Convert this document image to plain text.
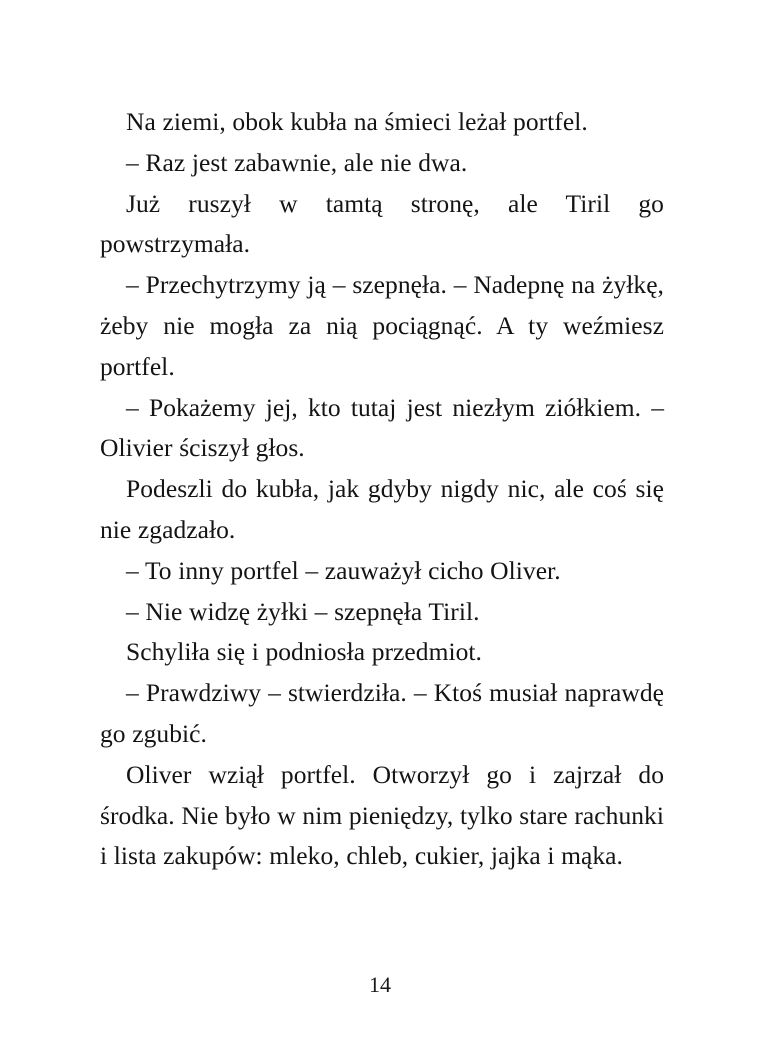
Na ziemi, obok kubła na śmieci leżał portfel.

– Raz jest zabawnie, ale nie dwa.

Już ruszył w tamtą stronę, ale Tiril go powstrzymała.

– Przechytrzymy ją – szepnęła. – Nadepnę na żyłkę, żeby nie mogła za nią pociągnąć. A ty weźmiesz portfel.

– Pokażemy jej, kto tutaj jest niezłym ziółkiem. – Olivier ściszył głos.

Podeszli do kubła, jak gdyby nigdy nic, ale coś się nie zgadzało.

– To inny portfel – zauważył cicho Oliver.

– Nie widzę żyłki – szepnęła Tiril.

Schyliła się i podniosła przedmiot.

– Prawdziwy – stwierdziła. – Ktoś musiał naprawdę go zgubić.

Oliver wziął portfel. Otworzył go i zajrzał do środka. Nie było w nim pieniędzy, tylko stare rachunki i lista zakupów: mleko, chleb, cukier, jajka i mąka.

14
